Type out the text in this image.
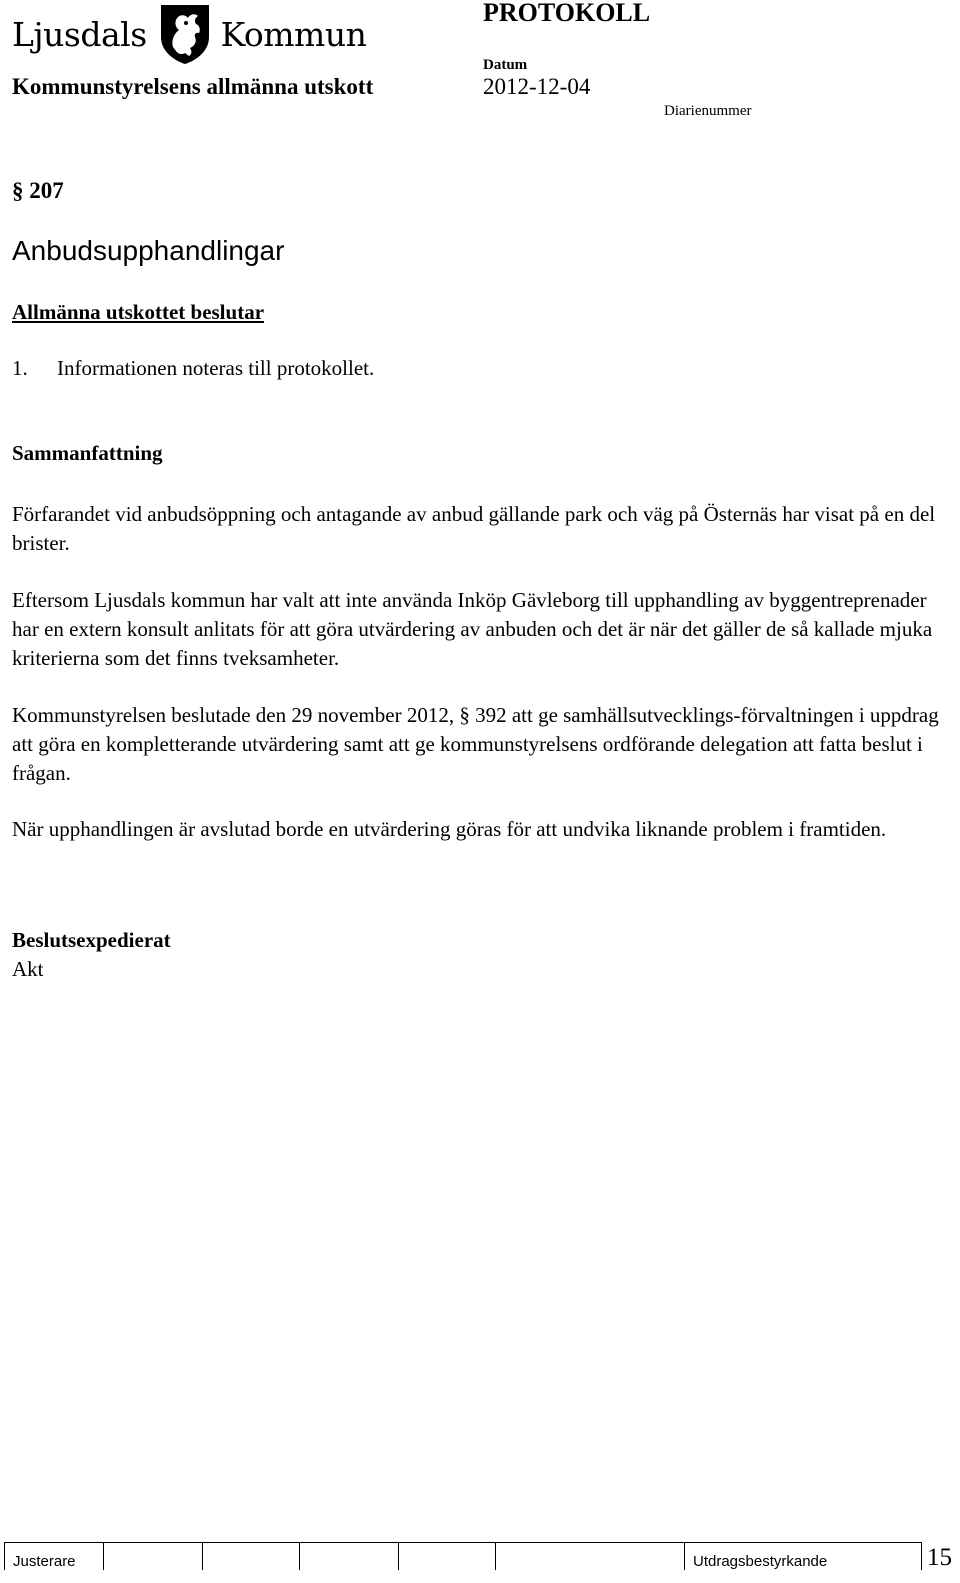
Ljusdals Kommun
PROTOKOLL
Kommunstyrelsens allmänna utskott
Datum
2012-12-04
Diarienummer
§ 207
Anbudsupphandlingar
Allmänna utskottet beslutar
1.	Informationen noteras till protokollet.
Sammanfattning

Förfarandet vid anbudsöppning och antagande av anbud gällande park och väg på Östernäs har visat på en del brister.

Eftersom Ljusdals kommun har valt att inte använda Inköp Gävleborg till upphandling av byggentreprenader har en extern konsult anlitats för att göra utvärdering av anbuden och det är när det gäller de så kallade mjuka kriterierna som det finns tveksamheter.

Kommunstyrelsen beslutade den 29 november 2012, § 392 att ge samhällsutvecklings-förvaltningen i uppdrag att göra en kompletterande utvärdering samt att ge kommunstyrelsens ordförande delegation att fatta beslut i frågan.

När upphandlingen är avslutad borde en utvärdering göras för att undvika liknande problem i framtiden.

Beslutsexpedierat
Akt
Justerare						Utdragsbestyrkande	15
